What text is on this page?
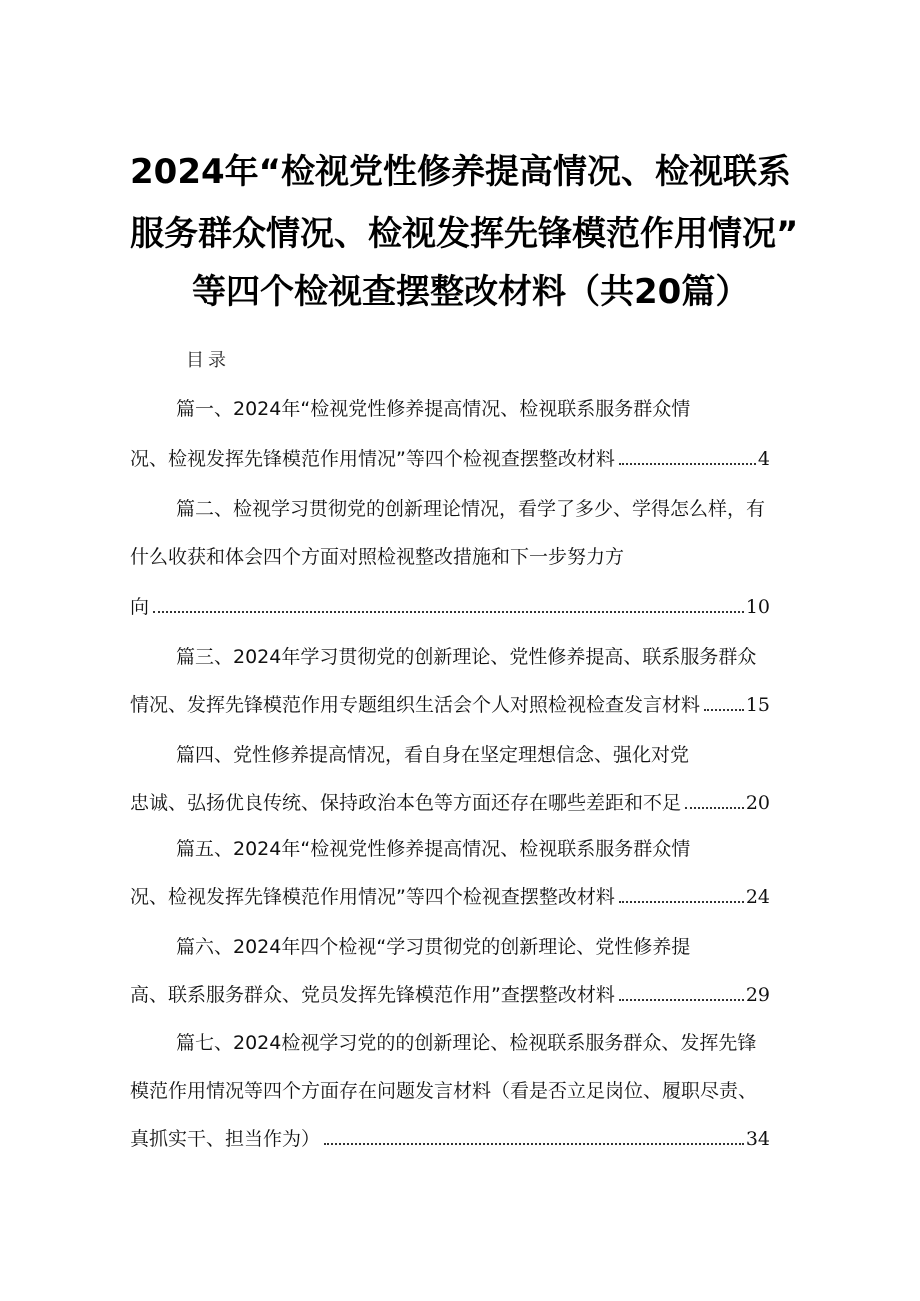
2024年“检视党性修养提高情况、检视联系
服务群众情况、检视发挥先锋模范作用情况”
等四个检视查摆整改材料（共20篇）
目录
篇一、2024年“检视党性修养提高情况、检视联系服务群众情
况、检视发挥先锋模范作用情况”等四个检视查摆整改材料	4
篇二、检视学习贯彻党的创新理论情况，看学了多少、学得怎么样，有
什么收获和体会四个方面对照检视整改措施和下一步努力方
向	10
篇三、2024年学习贯彻党的创新理论、党性修养提高、联系服务群众
情况、发挥先锋模范作用专题组织生活会个人对照检视检查发言材料 15
篇四、党性修养提高情况，看自身在坚定理想信念、强化对党
忠诚、弘扬优良传统、保持政治本色等方面还存在哪些差距和不足	20
篇五、2024年“检视党性修养提高情况、检视联系服务群众情
况、检视发挥先锋模范作用情况”等四个检视查摆整改材料	24
篇六、2024年四个检视“学习贯彻党的创新理论、党性修养提
高、联系服务群众、党员发挥先锋模范作用”查摆整改材料	29
篇七、2024检视学习党的的创新理论、检视联系服务群众、发挥先锋
模范作用情况等四个方面存在问题发言材料（看是否立足岗位、履职尽责、
真抓实干、担当作为）	34
